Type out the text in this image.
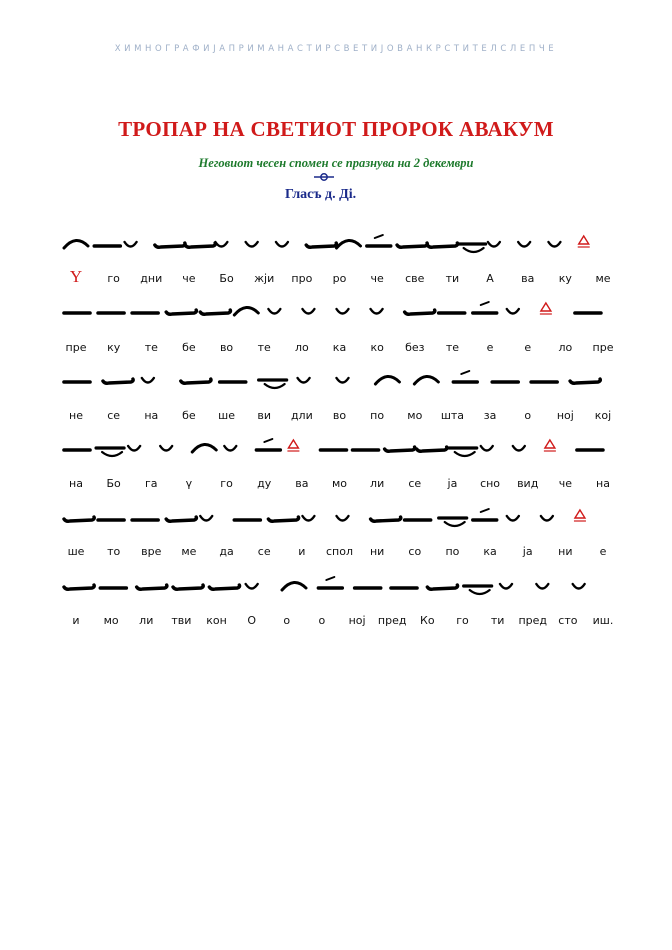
ХИМНОГРАФИЈАПРИМАНАСТИРСВЕТИЈОВАНКРСТИТЕЛСЛЕПЧЕ
ТРОПАР НА СВЕТИОТ ПРОРОК АВАКУМ
Неговиот чесен спомен се празнува на 2 декември
Гласъ д. Ді.
Ү го дни че Бо жји про ро че све ти А ва ку ме
пре ку те бе во те ло ка ко без те	е	е ло пре
не се на бе ше ви дли во по мо шта за	о ној кој
на Бо га	ү	го ду ва мо ли се ја сно вид че на
ше то вре ме да се	и спол ни со по ка ја ни е
и мо ли тви кон О о	о ној пред Ко го ти пред сто иш.
